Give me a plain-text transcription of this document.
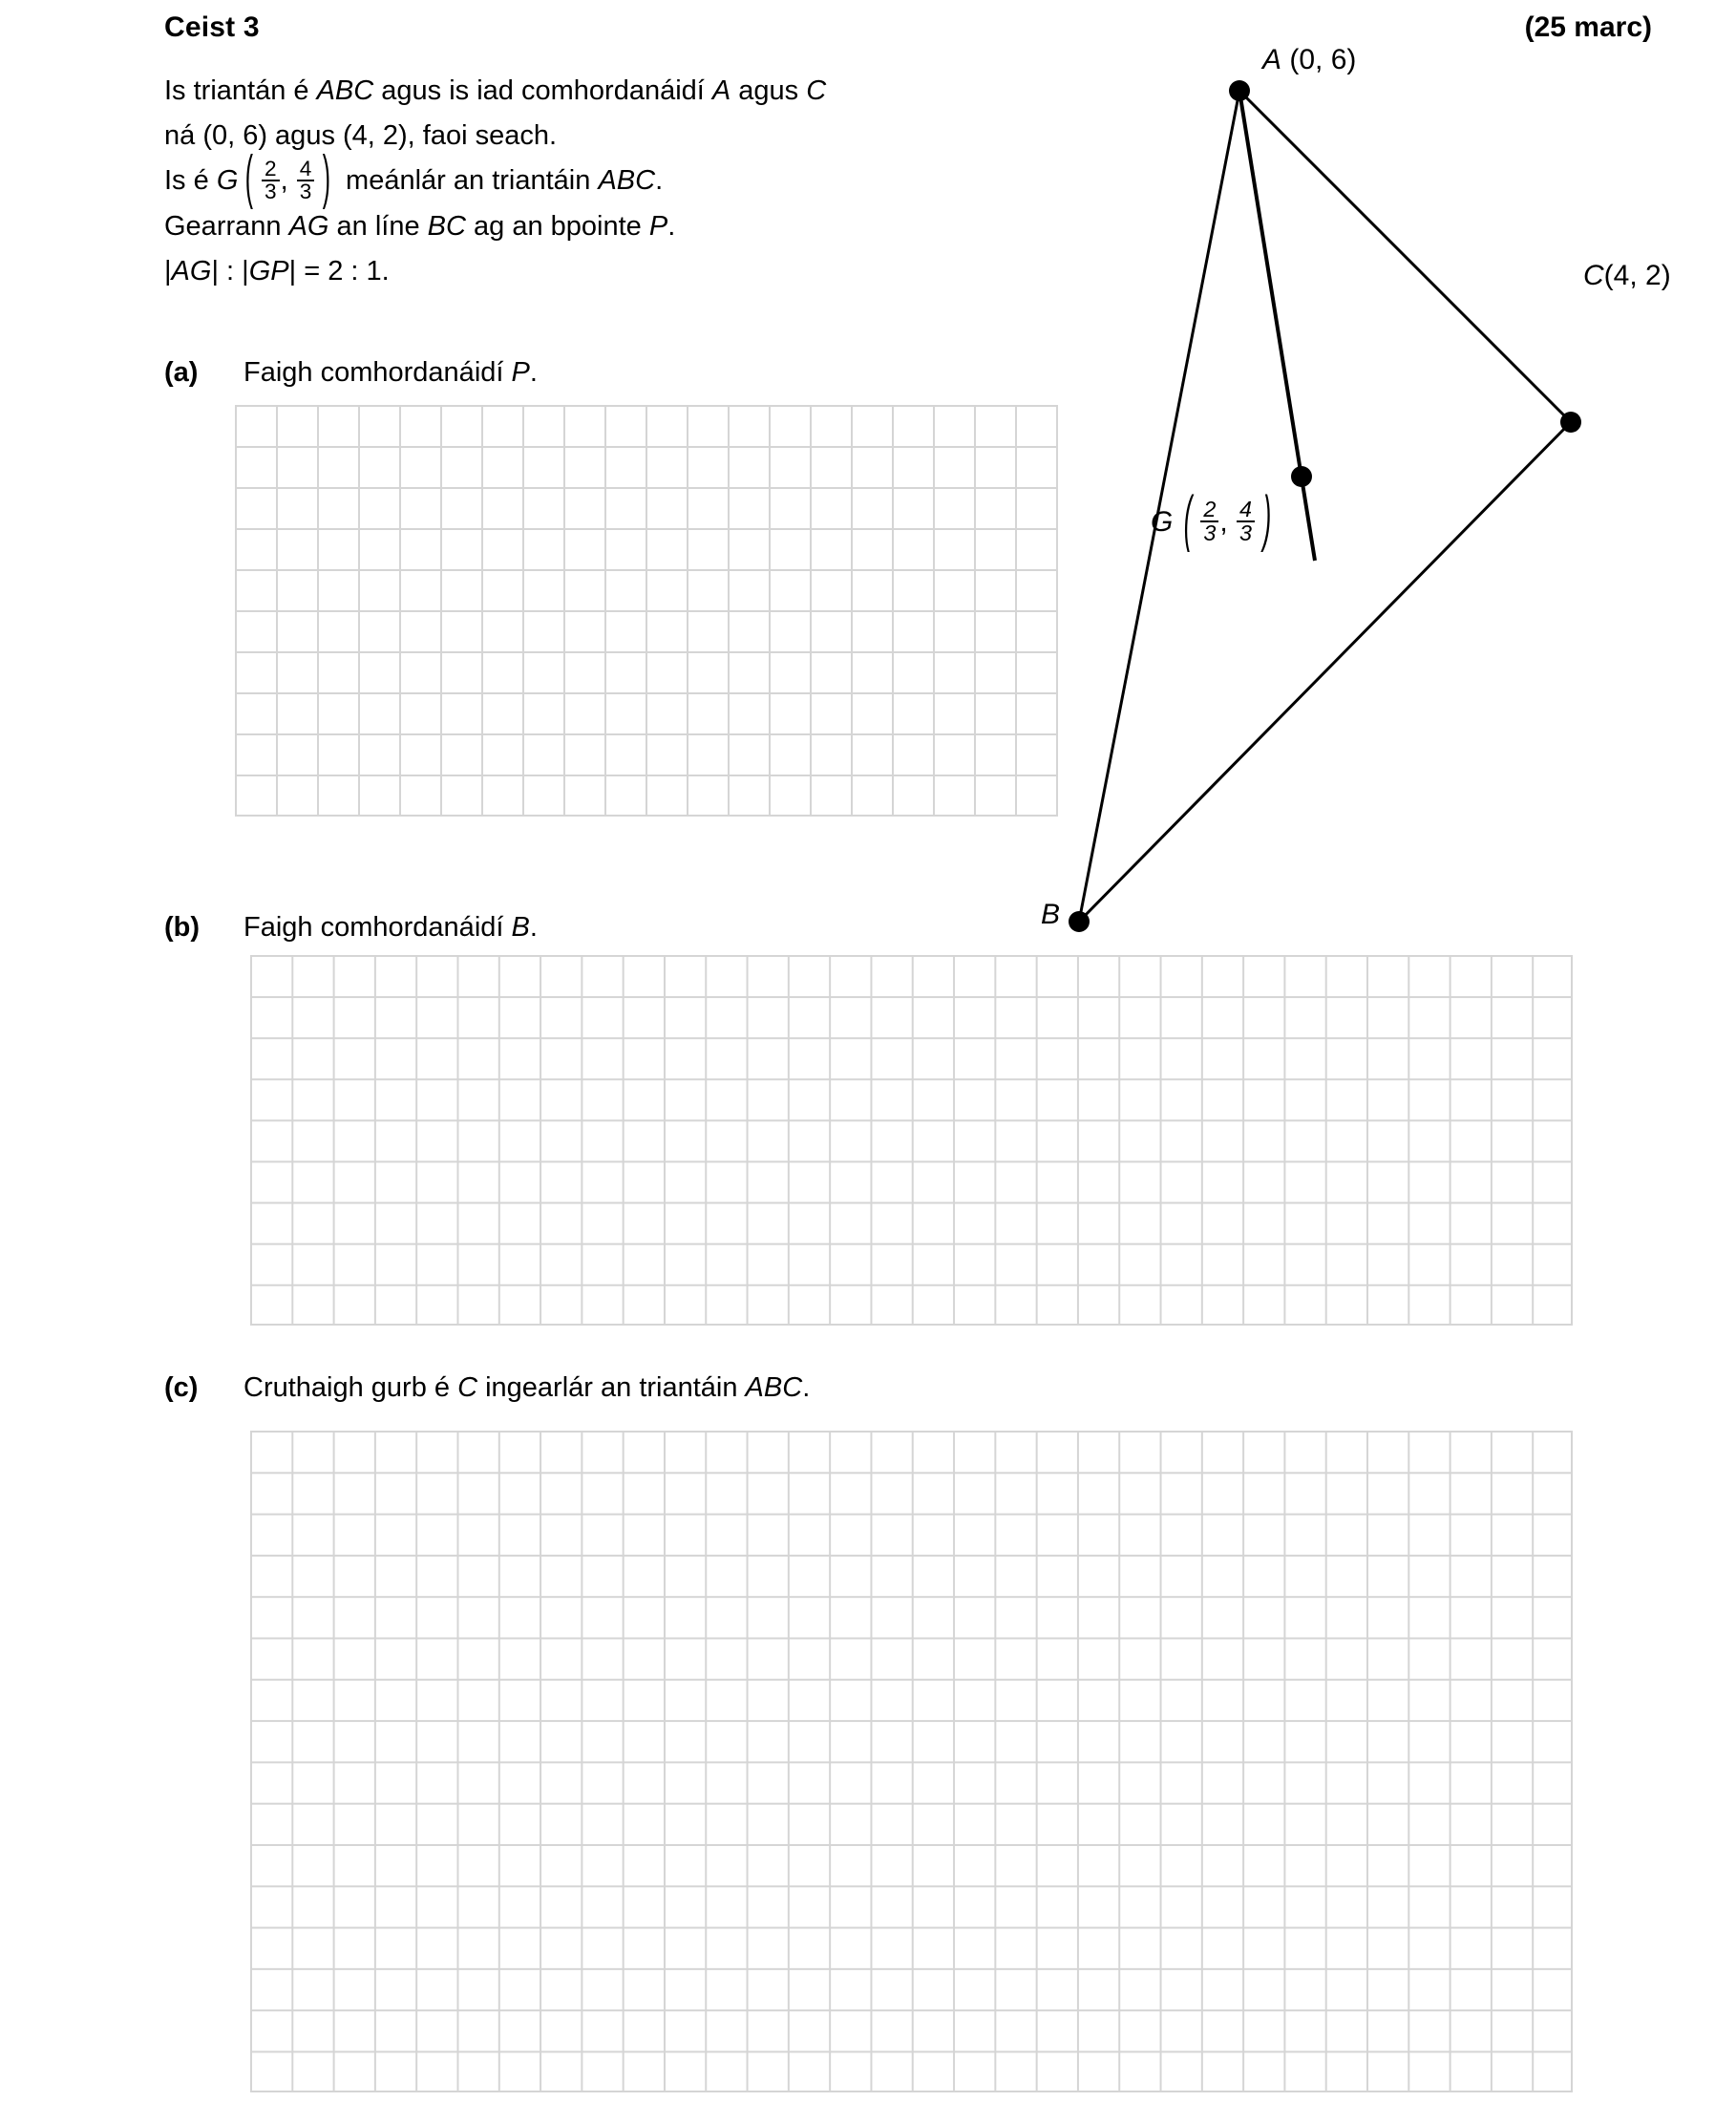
Ceist 3	(25 marc)
Is triantán é ABC agus is iad comhordanáidí A agus C
ná (0, 6) agus (4, 2), faoi seach.
Is é G ( $\frac{2}{3}$ , $\frac{4}{3}$ ) meánlár an triantáin ABC.
Gearrann AG an líne BC ag an bpointe P.
|AG| : |GP| = 2 : 1.
(a) Faigh comhordanáidí P.
(b) Faigh comhordanáidí B.
(c) Cruthaigh gurb é C ingearlár an triantáin ABC.
A (0, 6)
C(4, 2)
B
G ( $\frac{2}{3}$ ,
$\frac{4}{3}$ )
